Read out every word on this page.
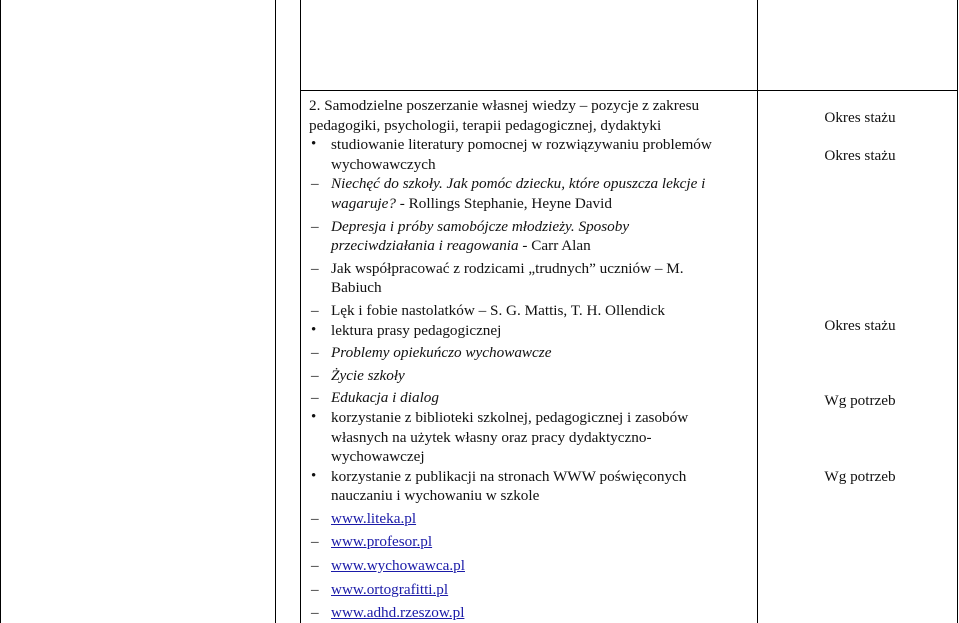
2. Samodzielne poszerzanie własnej wiedzy – pozycje z zakresu
pedagogiki, psychologii, terapii pedagogicznej, dydaktyki
• studiowanie literatury pomocnej w rozwiązywaniu problemów
wychowawczych
– Niechęć do szkoły. Jak pomóc dziecku, które opuszcza lekcje i
wagaruje? - Rollings Stephanie, Heyne David
– Depresja i próby samobójcze młodzieży. Sposoby
przeciwdziałania i reagowania - Carr Alan
– Jak współpracować z rodzicami „trudnych” uczniów – M.
Babiuch
– Lęk i fobie nastolatków – S. G. Mattis, T. H. Ollendick
• lektura prasy pedagogicznej
– Problemy opiekuńczo wychowawcze
– Życie szkoły
– Edukacja i dialog
• korzystanie z biblioteki szkolnej, pedagogicznej i zasobów
własnych na użytek własny oraz pracy dydaktyczno-
wychowawczej
• korzystanie z publikacji na stronach WWW poświęconych
nauczaniu i wychowaniu w szkole
– www.liteka.pl
– www.profesor.pl
– www.wychowawca.pl
– www.ortografitti.pl
– www.adhd.rzeszow.pl
Okres stażu
Okres stażu
Okres stażu
Wg potrzeb
Wg potrzeb
